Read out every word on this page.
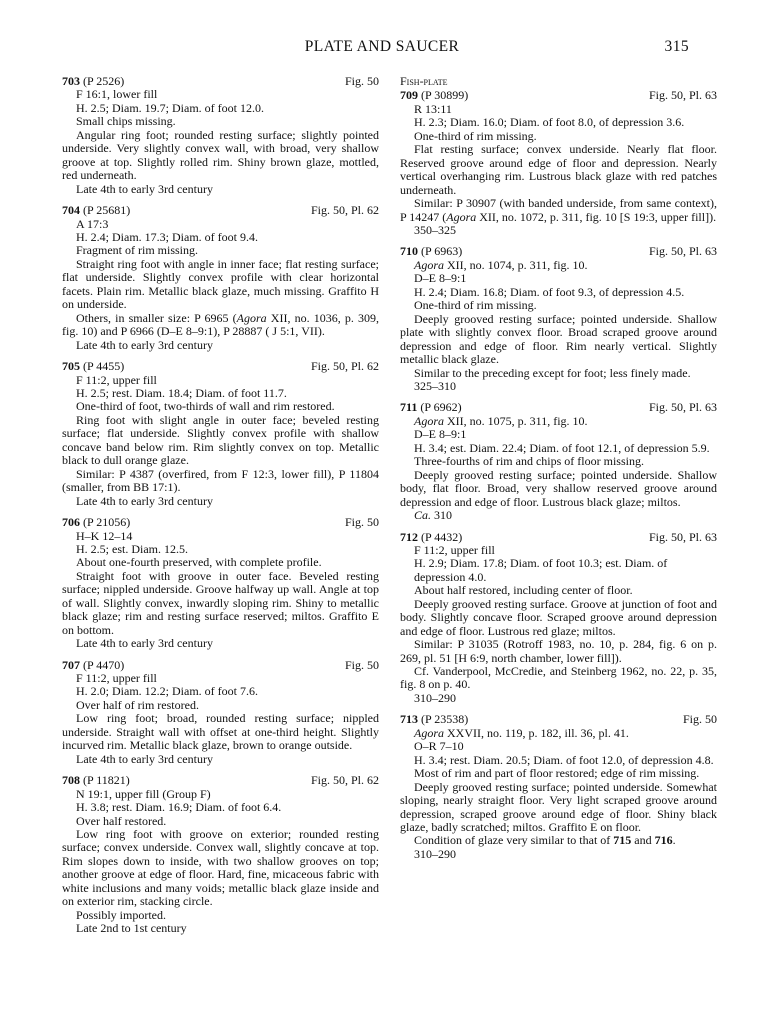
PLATE AND SAUCER	315
703 (P 2526)	Fig. 50
F 16:1, lower fill
H. 2.5; Diam. 19.7; Diam. of foot 12.0.
Small chips missing.
Angular ring foot; rounded resting surface; slightly pointed underside. Very slightly convex wall, with broad, very shallow groove at top. Slightly rolled rim. Shiny brown glaze, mottled, red underneath.
Late 4th to early 3rd century
704 (P 25681)	Fig. 50, Pl. 62
A 17:3
H. 2.4; Diam. 17.3; Diam. of foot 9.4.
Fragment of rim missing.
Straight ring foot with angle in inner face; flat resting surface; flat underside. Slightly convex profile with clear horizontal facets. Plain rim. Metallic black glaze, much missing. Graffito H on underside.
Others, in smaller size: P 6965 (Agora XII, no. 1036, p. 309, fig. 10) and P 6966 (D–E 8–9:1), P 28887 ( J 5:1, VII).
Late 4th to early 3rd century
705 (P 4455)	Fig. 50, Pl. 62
F 11:2, upper fill
H. 2.5; rest. Diam. 18.4; Diam. of foot 11.7.
One-third of foot, two-thirds of wall and rim restored.
Ring foot with slight angle in outer face; beveled resting surface; flat underside. Slightly convex profile with shallow concave band below rim. Rim slightly convex on top. Metallic black to dull orange glaze.
Similar: P 4387 (overfired, from F 12:3, lower fill), P 11804 (smaller, from BB 17:1).
Late 4th to early 3rd century
706 (P 21056)	Fig. 50
H–K 12–14
H. 2.5; est. Diam. 12.5.
About one-fourth preserved, with complete profile.
Straight foot with groove in outer face. Beveled resting surface; nippled underside. Groove halfway up wall. Angle at top of wall. Slightly convex, inwardly sloping rim. Shiny to metallic black glaze; rim and resting surface reserved; miltos. Graffito E on bottom.
Late 4th to early 3rd century
707 (P 4470)	Fig. 50
F 11:2, upper fill
H. 2.0; Diam. 12.2; Diam. of foot 7.6.
Over half of rim restored.
Low ring foot; broad, rounded resting surface; nippled underside. Straight wall with offset at one-third height. Slightly incurved rim. Metallic black glaze, brown to orange outside.
Late 4th to early 3rd century
708 (P 11821)	Fig. 50, Pl. 62
N 19:1, upper fill (Group F)
H. 3.8; rest. Diam. 16.9; Diam. of foot 6.4.
Over half restored.
Low ring foot with groove on exterior; rounded resting surface; convex underside. Convex wall, slightly concave at top. Rim slopes down to inside, with two shallow grooves on top; another groove at edge of floor. Hard, fine, micaceous fabric with white inclusions and many voids; metallic black glaze inside and on exterior rim, stacking circle.
Possibly imported.
Late 2nd to 1st century
Fish-plate
709 (P 30899)	Fig. 50, Pl. 63
R 13:11
H. 2.3; Diam. 16.0; Diam. of foot 8.0, of depression 3.6.
One-third of rim missing.
Flat resting surface; convex underside. Nearly flat floor. Reserved groove around edge of floor and depression. Nearly vertical overhanging rim. Lustrous black glaze with red patches underneath.
Similar: P 30907 (with banded underside, from same context), P 14247 (Agora XII, no. 1072, p. 311, fig. 10 [S 19:3, upper fill]).
350–325
710 (P 6963)	Fig. 50, Pl. 63
Agora XII, no. 1074, p. 311, fig. 10.
D–E 8–9:1
H. 2.4; Diam. 16.8; Diam. of foot 9.3, of depression 4.5.
One-third of rim missing.
Deeply grooved resting surface; pointed underside. Shallow plate with slightly convex floor. Broad scraped groove around depression and edge of floor. Rim nearly vertical. Slightly metallic black glaze.
Similar to the preceding except for foot; less finely made.
325–310
711 (P 6962)	Fig. 50, Pl. 63
Agora XII, no. 1075, p. 311, fig. 10.
D–E 8–9:1
H. 3.4; est. Diam. 22.4; Diam. of foot 12.1, of depression 5.9.
Three-fourths of rim and chips of floor missing.
Deeply grooved resting surface; pointed underside. Shallow body, flat floor. Broad, very shallow reserved groove around depression and edge of floor. Lustrous black glaze; miltos.
Ca. 310
712 (P 4432)	Fig. 50, Pl. 63
F 11:2, upper fill
H. 2.9; Diam. 17.8; Diam. of foot 10.3; est. Diam. of depression 4.0.
About half restored, including center of floor.
Deeply grooved resting surface. Groove at junction of foot and body. Slightly concave floor. Scraped groove around depression and edge of floor. Lustrous red glaze; miltos.
Similar: P 31035 (Rotroff 1983, no. 10, p. 284, fig. 6 on p. 269, pl. 51 [H 6:9, north chamber, lower fill]).
Cf. Vanderpool, McCredie, and Steinberg 1962, no. 22, p. 35, fig. 8 on p. 40.
310–290
713 (P 23538)	Fig. 50
Agora XXVII, no. 119, p. 182, ill. 36, pl. 41.
O–R 7–10
H. 3.4; rest. Diam. 20.5; Diam. of foot 12.0, of depression 4.8.
Most of rim and part of floor restored; edge of rim missing.
Deeply grooved resting surface; pointed underside. Somewhat sloping, nearly straight floor. Very light scraped groove around depression, scraped groove around edge of floor. Shiny black glaze, badly scratched; miltos. Graffito E on floor.
Condition of glaze very similar to that of 715 and 716.
310–290
